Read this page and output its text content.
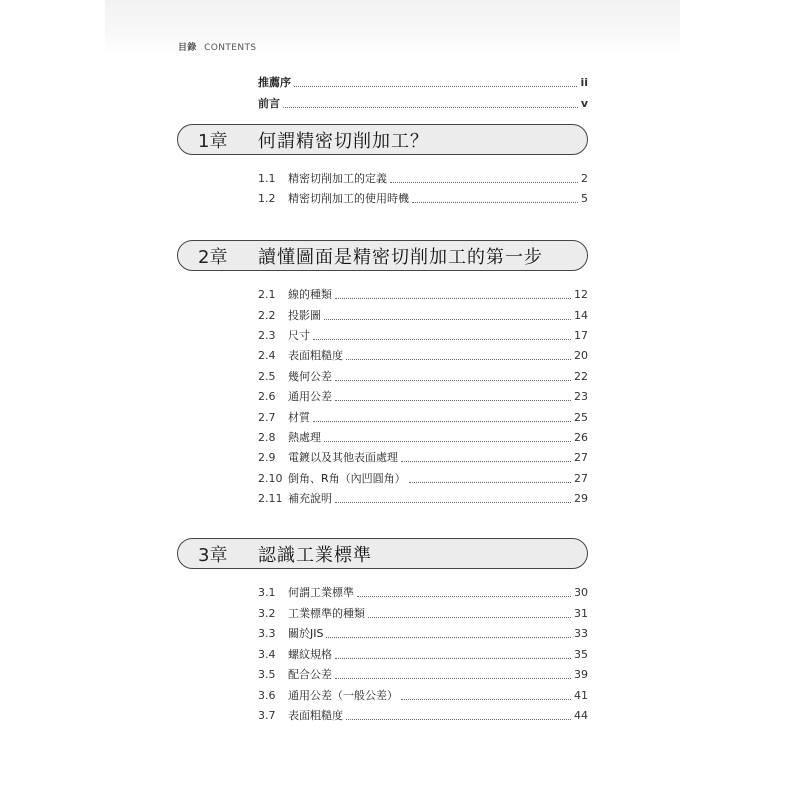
目錄 CONTENTS
推薦序	ii
前言	v
1章	何謂精密切削加工？
1.1	精密切削加工的定義	2
1.2	精密切削加工的使用時機	5
2章	讀懂圖面是精密切削加工的第一步
2.1	線的種類	12
2.2	投影圖	14
2.3	尺寸	17
2.4	表面粗糙度	20
2.5	幾何公差	22
2.6	通用公差	23
2.7	材質	25
2.8	熱處理	26
2.9	電鍍以及其他表面處理	27
2.10 倒角、R角（內凹圓角）	27
2.11 補充說明	29
3章	認識工業標準
3.1	何謂工業標準	30
3.2	工業標準的種類	31
3.3	關於JIS	33
3.4	螺紋規格	35
3.5	配合公差	39
3.6	通用公差（一般公差）	41
3.7	表面粗糙度	44
